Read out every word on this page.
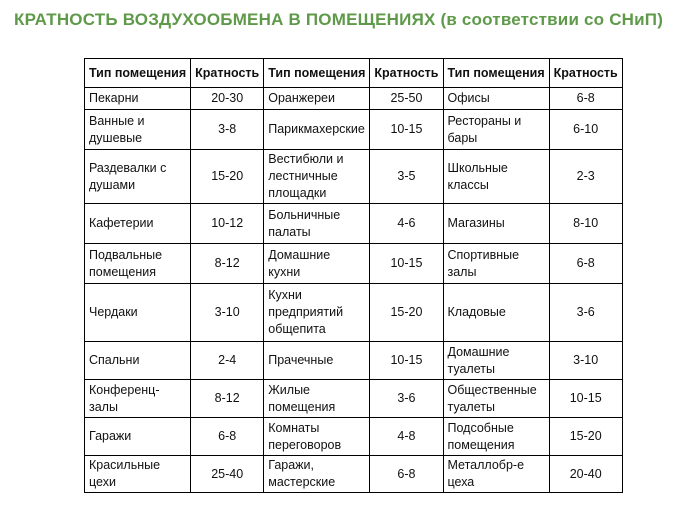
КРАТНОСТЬ ВОЗДУХООБМЕНА В ПОМЕЩЕНИЯХ (в соответствии со СНиП)
Тип помещения	Кратность	Тип помещения	Кратность	Тип помещения	Кратность
Пекарни	20-30	Оранжереи	25-50	Офисы	6-8
Ванные и душевые	3-8	Парикмахерские	10-15	Рестораны и бары	6-10
Раздевалки с душами	15-20	Вестибюли и лестничные площадки	3-5	Школьные классы	2-3
Кафетерии	10-12	Больничные палаты	4-6	Магазины	8-10
Подвальные помещения	8-12	Домашние кухни	10-15	Спортивные залы	6-8
Чердаки	3-10	Кухни предприятий общепита	15-20	Кладовые	3-6
Спальни	2-4	Прачечные	10-15	Домашние туалеты	3-10
Конференц-залы	8-12	Жилые помещения	3-6	Общественные туалеты	10-15
Гаражи	6-8	Комнаты переговоров	4-8	Подсобные помещения	15-20
Красильные цехи	25-40	Гаражи, мастерские	6-8	Металлобр-е цеха	20-40
